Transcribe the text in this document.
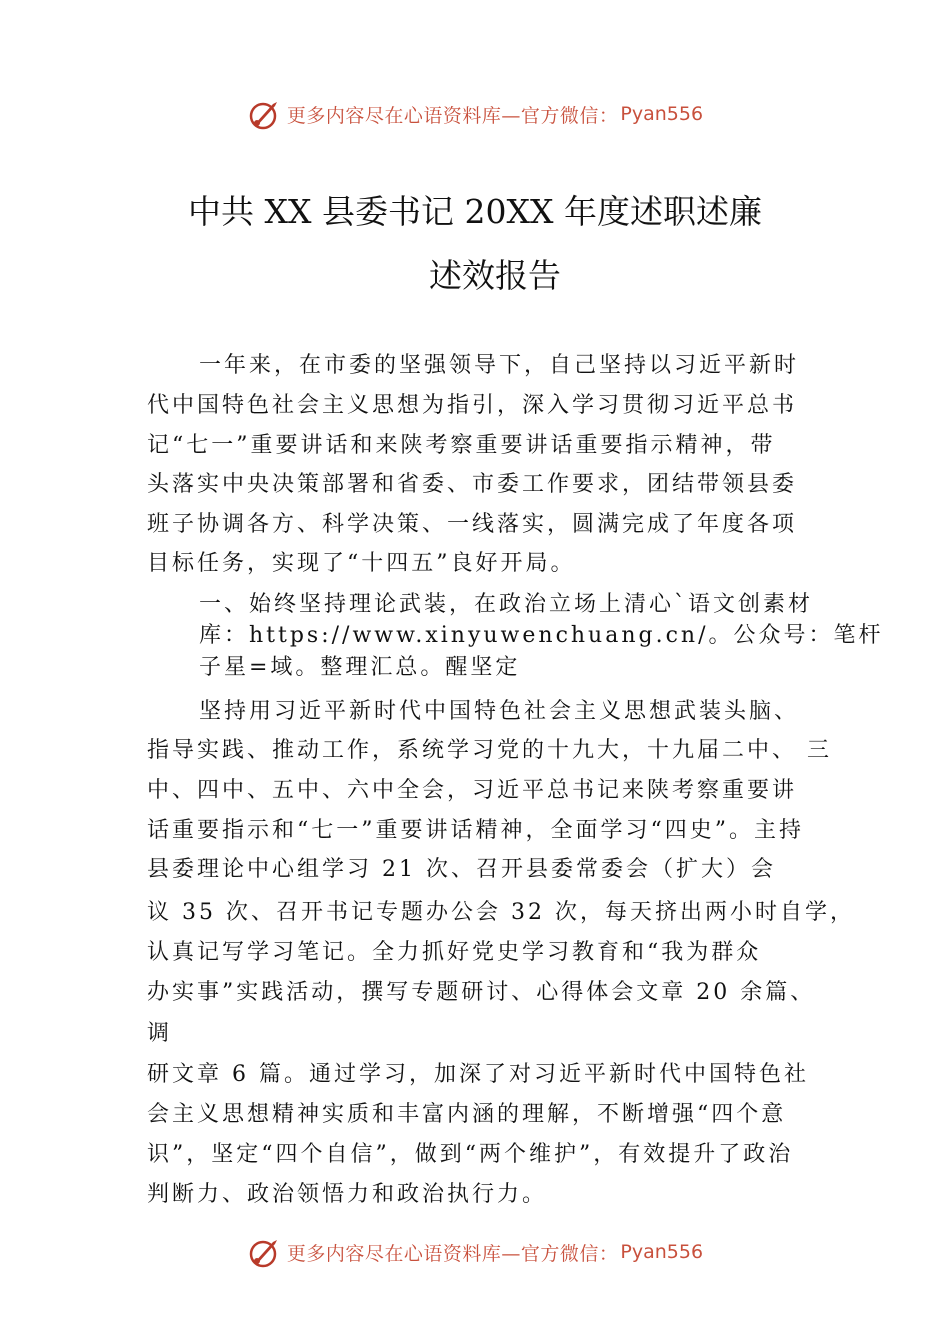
更多内容尽在心语资料库—官方微信： Pyan556
中共 XX 县委书记 20XX 年度述职述廉
述效报告
一年来，在市委的坚强领导下，自己坚持以习近平新时
代中国特色社会主义思想为指引，深入学习贯彻习近平总书
记“七一”重要讲话和来陕考察重要讲话重要指示精神，带
头落实中央决策部署和省委、市委工作要求，团结带领县委
班子协调各方、科学决策、一线落实，圆满完成了年度各项
目标任务，实现了“十四五”良好开局。
一、始终坚持理论武装，在政治立场上清心`语文创素材
库：https://www.xinyuwenchuang.cn/。公众号：笔杆
子星=域。整理汇总。醒坚定
坚持用习近平新时代中国特色社会主义思想武装头脑、
指导实践、推动工作，系统学习党的十九大，十九届二中、 三
中、四中、五中、六中全会，习近平总书记来陕考察重要讲
话重要指示和“七一”重要讲话精神，全面学习“四史”。主持
县委理论中心组学习 21 次、召开县委常委会（扩大）会
议 35 次、召开书记专题办公会 32 次，每天挤出两小时自学，
认真记写学习笔记。全力抓好党史学习教育和“我为群众
办实事”实践活动，撰写专题研讨、心得体会文章 20 余篇、
调
研文章 6 篇。通过学习，加深了对习近平新时代中国特色社
会主义思想精神实质和丰富内涵的理解，不断增强“四个意
识”，坚定“四个自信”，做到“两个维护”，有效提升了政治
判断力、政治领悟力和政治执行力。
更多内容尽在心语资料库—官方微信： Pyan556
